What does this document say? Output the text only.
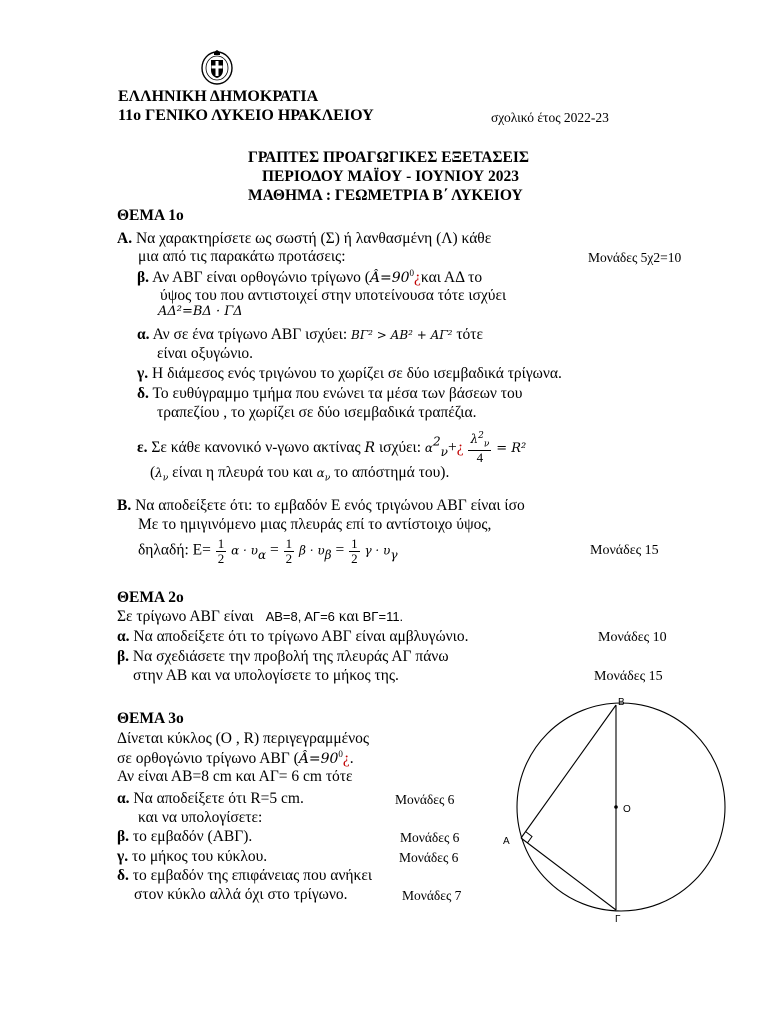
ΕΛΛΗΝΙΚΗ ΔΗΜΟΚΡΑΤΙΑ
11ο ΓΕΝΙΚΟ ΛΥΚΕΙΟ ΗΡΑΚΛΕΙΟΥ	σχολικό έτος 2022-23
ΓΡΑΠΤΕΣ ΠΡΟΑΓΩΓΙΚΕΣ ΕΞΕΤΑΣΕΙΣ
ΠΕΡΙΟΔΟΥ ΜΑΪΟΥ - ΙΟΥΝΙΟΥ 2023
ΜΑΘΗΜΑ : ΓΕΩΜΕΤΡΙΑ Β΄ ΛΥΚΕΙΟΥ
ΘΕΜΑ 1ο
Α. Να χαρακτηρίσετε ως σωστή (Σ) ή λανθασμένη (Λ) κάθε
μια από τις παρακάτω προτάσεις:	Μονάδες 5χ2=10
β. Αν ΑΒΓ είναι ορθογώνιο τρίγωνο ($Â=90^0¿\kappa\alpha\iota$ ΑΔ το
ύψος του που αντιστοιχεί στην υποτείνουσα τότε ισχύει
ΑΔ²=ΒΔ · ΓΔ
α. Αν σε ένα τρίγωνο ΑΒΓ ισχύει: ΒΓ² > ΑΒ² + ΑΓ² τότε
είναι οξυγώνιο.
γ. Η διάμεσος ενός τριγώνου το χωρίζει σε δύο ισεμβαδικά τρίγωνα.
δ. Το ευθύγραμμο τμήμα που ενώνει τα μέσα των βάσεων του
τραπεζίου , το χωρίζει σε δύο ισεμβαδικά τραπέζια.
ε. Σε κάθε κανονικό ν-γωνο ακτίνας R ισχύει: $\alpha^2_\nu+¿ \frac{\lambda^2_\nu}{4} = R^2$
($\lambda_\nu$ είναι η πλευρά του και $\alpha_\nu$ το απόστημά του).
Β. Να αποδείξετε ότι: το εμβαδόν Ε ενός τριγώνου ΑΒΓ είναι ίσο
Με το ημιγινόμενο μιας πλευράς επί το αντίστοιχο ύψος,
δηλαδή: $E= \frac{1}{2}$ $\alpha \cdot \upsilon_\alpha = \frac{1}{2}$ $\beta \cdot \upsilon_\beta = \frac{1}{2}$ $\gamma \cdot \upsilon_\gamma$	Μονάδες 15
ΘΕΜΑ 2ο
Σε τρίγωνο ΑΒΓ είναι ΑΒ=8, ΑΓ=6 και ΒΓ=11.
α. Να αποδείξετε ότι το τρίγωνο ΑΒΓ είναι αμβλυγώνιο.	Μονάδες 10
β. Να σχεδιάσετε την προβολή της πλευράς ΑΓ πάνω
στην ΑΒ και να υπολογίσετε το μήκος της.	Μονάδες 15
ΘΕΜΑ 3ο
Δίνεται κύκλος (Ο , R) περιγεγραμμένος
σε ορθογώνιο τρίγωνο ΑΒΓ ($Â=90^0¿$.
Αν είναι ΑΒ=8 cm και ΑΓ= 6 cm τότε
α. Να αποδείξετε ότι R=5 cm.	Μονάδες 6
και να υπολογίσετε:
β. το εμβαδόν (ΑΒΓ).	Μονάδες 6
γ. το μήκος του κύκλου.	Μονάδες 6
δ. το εμβαδόν της επιφάνειας που ανήκει
στον κύκλο αλλά όχι στο τρίγωνο.	Μονάδες 7
Β
Α
Γ
Ο
